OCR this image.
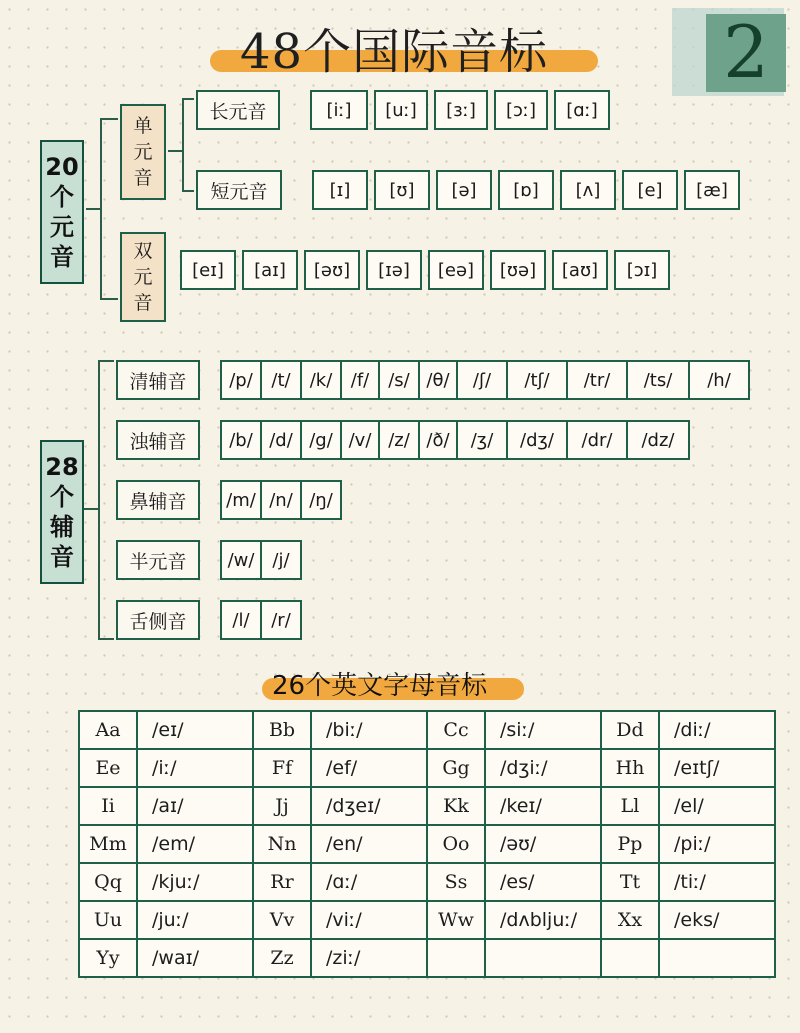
48个国际音标 2
20
个
元
音
单
元
音
长元音	[iː]	[uː]	[ɜː]	[ɔː]	[ɑː]
短元音	[ɪ]	[ʊ]	[ə]	[ɒ]	[ʌ]	[e]	[æ]
双
元
音
[eɪ]	[aɪ]	[əʊ]	[ɪə]	[eə]	[ʊə]	[aʊ]	[ɔɪ]
28
个
辅
音
清辅音	/p/	/t/	/k/	/f/	/s/ /θ/	/ʃ/	/tʃ/	/tr/	/ts/	/h/
浊辅音	/b/ /d/ /g/ /v/ /z/ /ð/	/ʒ/	/dʒ/	/dr/	/dz/
鼻辅音	/m/ /n/ /ŋ/
半元音	/w/	/j/
舌侧音	/l/	/r/
26个英文字母音标
Aa	/eɪ/	Bb	/biː/	Cc	/siː/	Dd	/diː/
Ee	/iː/	Ff	/ef/	Gg	/dʒiː/	Hh	/eɪtʃ/
Ii	/aɪ/	Jj	/dʒeɪ/	Kk	/keɪ/	Ll	/el/
Mm	/em/	Nn	/en/	Oo	/əʊ/	Pp	/piː/
Qq	/kjuː/	Rr	/ɑː/	Ss	/es/	Tt	/tiː/
Uu	/juː/	Vv	/viː/	Ww	/dʌbljuː/	Xx	/eks/
Yy	/waɪ/	Zz	/ziː/				
